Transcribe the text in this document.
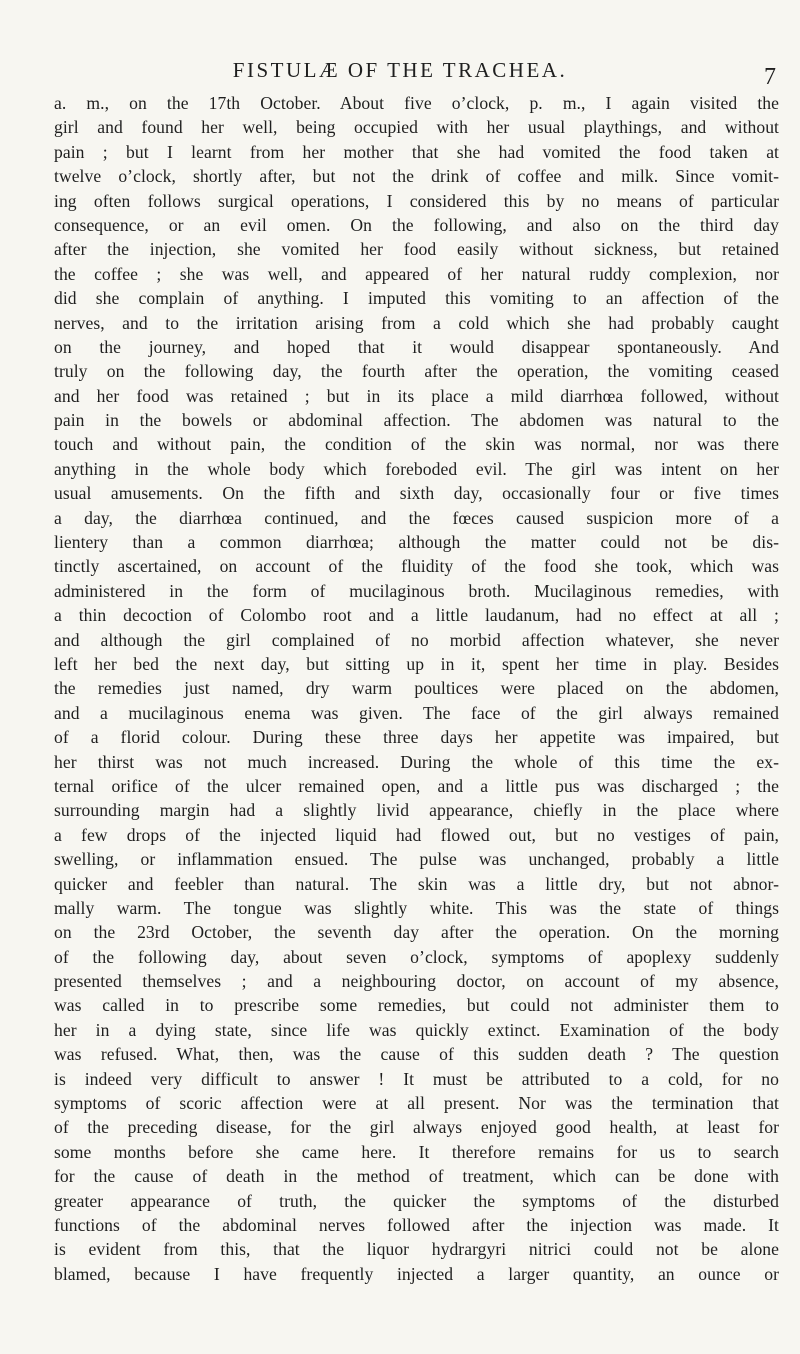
FISTULÆ OF THE TRACHEA.	7
a. m., on the 17th October. About five o’clock, p. m., I again visited the
girl and found her well, being occupied with her usual playthings, and without
pain ; but I learnt from her mother that she had vomited the food taken at
twelve o’clock, shortly after, but not the drink of coffee and milk. Since vomit-
ing often follows surgical operations, I considered this by no means of particular
consequence, or an evil omen. On the following, and also on the third day
after the injection, she vomited her food easily without sickness, but retained
the coffee ; she was well, and appeared of her natural ruddy complexion, nor
did she complain of anything. I imputed this vomiting to an affection of the
nerves, and to the irritation arising from a cold which she had probably caught
on the journey, and hoped that it would disappear spontaneously. And
truly on the following day, the fourth after the operation, the vomiting ceased
and her food was retained ; but in its place a mild diarrhœa followed, without
pain in the bowels or abdominal affection. The abdomen was natural to the
touch and without pain, the condition of the skin was normal, nor was there
anything in the whole body which foreboded evil. The girl was intent on her
usual amusements. On the fifth and sixth day, occasionally four or five times
a day, the diarrhœa continued, and the fœces caused suspicion more of a
lientery than a common diarrhœa; although the matter could not be dis-
tinctly ascertained, on account of the fluidity of the food she took, which was
administered in the form of mucilaginous broth. Mucilaginous remedies, with
a thin decoction of Colombo root and a little laudanum, had no effect at all ;
and although the girl complained of no morbid affection whatever, she never
left her bed the next day, but sitting up in it, spent her time in play. Besides
the remedies just named, dry warm poultices were placed on the abdomen,
and a mucilaginous enema was given. The face of the girl always remained
of a florid colour. During these three days her appetite was impaired, but
her thirst was not much increased. During the whole of this time the ex-
ternal orifice of the ulcer remained open, and a little pus was discharged ; the
surrounding margin had a slightly livid appearance, chiefly in the place where
a few drops of the injected liquid had flowed out, but no vestiges of pain,
swelling, or inflammation ensued. The pulse was unchanged, probably a little
quicker and feebler than natural. The skin was a little dry, but not abnor-
mally warm. The tongue was slightly white. This was the state of things
on the 23rd October, the seventh day after the operation. On the morning
of the following day, about seven o’clock, symptoms of apoplexy suddenly
presented themselves ; and a neighbouring doctor, on account of my absence,
was called in to prescribe some remedies, but could not administer them to
her in a dying state, since life was quickly extinct. Examination of the body
was refused. What, then, was the cause of this sudden death ? The question
is indeed very difficult to answer ! It must be attributed to a cold, for no
symptoms of scoric affection were at all present. Nor was the termination that
of the preceding disease, for the girl always enjoyed good health, at least for
some months before she came here. It therefore remains for us to search
for the cause of death in the method of treatment, which can be done with
greater appearance of truth, the quicker the symptoms of the disturbed
functions of the abdominal nerves followed after the injection was made. It
is evident from this, that the liquor hydrargyri nitrici could not be alone
blamed, because I have frequently injected a larger quantity, an ounce or
